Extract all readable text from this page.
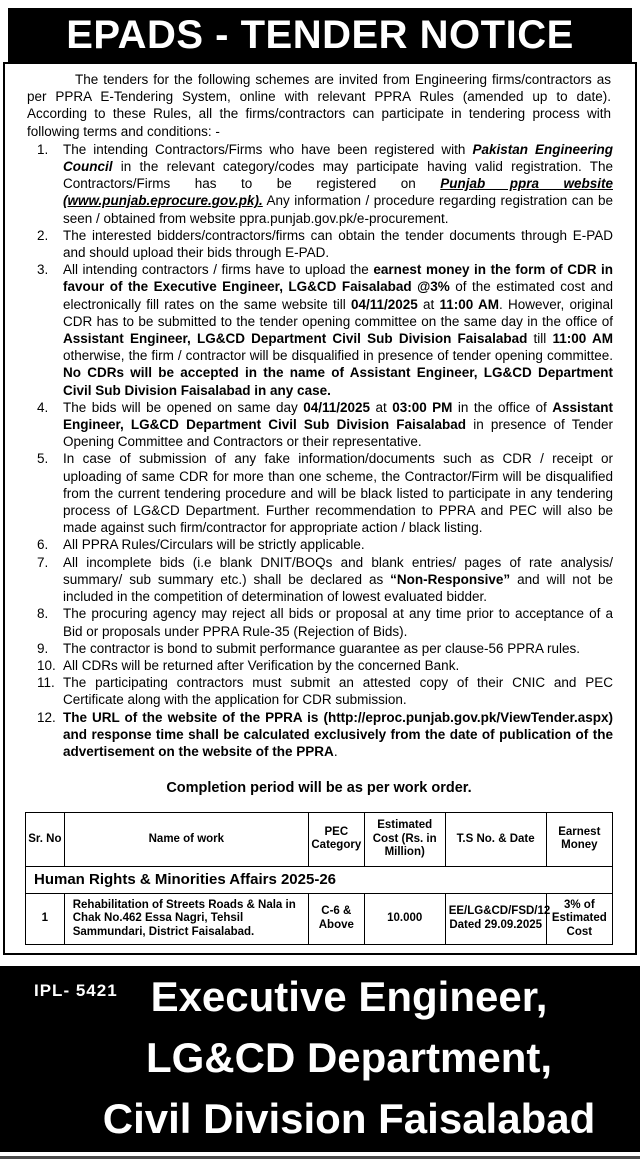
EPADS - TENDER NOTICE

The tenders for the following schemes are invited from Engineering firms/contractors as per PPRA E-Tendering System, online with relevant PPRA Rules (amended up to date). According to these Rules, all the firms/contractors can participate in tendering process with following terms and conditions: -

1.	The intending Contractors/Firms who have been registered with Pakistan Engineering Council in the relevant category/codes may participate having valid registration. The Contractors/Firms has to be registered on Punjab ppra website (www.punjab.eprocure.gov.pk). Any information / procedure regarding registration can be seen / obtained from website ppra.punjab.gov.pk/e-procurement.
2.	The interested bidders/contractors/firms can obtain the tender documents through E-PAD and should upload their bids through E-PAD.
3.	All intending contractors / firms have to upload the earnest money in the form of CDR in favour of the Executive Engineer, LG&CD Faisalabad @3% of the estimated cost and electronically fill rates on the same website till 04/11/2025 at 11:00 AM. However, original CDR has to be submitted to the tender opening committee on the same day in the office of Assistant Engineer, LG&CD Department Civil Sub Division Faisalabad till 11:00 AM otherwise, the firm / contractor will be disqualified in presence of tender opening committee. No CDRs will be accepted in the name of Assistant Engineer, LG&CD Department Civil Sub Division Faisalabad in any case.
4.	The bids will be opened on same day 04/11/2025 at 03:00 PM in the office of Assistant Engineer, LG&CD Department Civil Sub Division Faisalabad in presence of Tender Opening Committee and Contractors or their representative.
5.	In case of submission of any fake information/documents such as CDR / receipt or uploading of same CDR for more than one scheme, the Contractor/Firm will be disqualified from the current tendering procedure and will be black listed to participate in any tendering process of LG&CD Department. Further recommendation to PPRA and PEC will also be made against such firm/contractor for appropriate action / black listing.
6.	All PPRA Rules/Circulars will be strictly applicable.
7.	All incomplete bids (i.e blank DNIT/BOQs and blank entries/ pages of rate analysis/ summary/ sub summary etc.) shall be declared as “Non-Responsive” and will not be included in the competition of determination of lowest evaluated bidder.
8.	The procuring agency may reject all bids or proposal at any time prior to acceptance of a Bid or proposals under PPRA Rule-35 (Rejection of Bids).
9.	The contractor is bond to submit performance guarantee as per clause-56 PPRA rules.
10. All CDRs will be returned after Verification by the concerned Bank.
11. The participating contractors must submit an attested copy of their CNIC and PEC Certificate along with the application for CDR submission.
12. The URL of the website of the PPRA is (http://eproc.punjab.gov.pk/ViewTender.aspx) and response time shall be calculated exclusively from the date of publication of the advertisement on the website of the PPRA.
Completion period will be as per work order.
Sr. No	Name of work	PEC Category	Estimated Cost (Rs. in Million)	T.S No. & Date	Earnest Money
Human Rights & Minorities Affairs 2025-26					
1	Rehabilitation of Streets Roads & Nala in Chak No.462 Essa Nagri, Tehsil Sammundari, District Faisalabad.	C-6 & Above	10.000	EE/LG&CD/FSD/12 Dated 29.09.2025	3% of Estimated Cost
IPL- 5421 Executive Engineer,
LG&CD Department,
Civil Division Faisalabad
